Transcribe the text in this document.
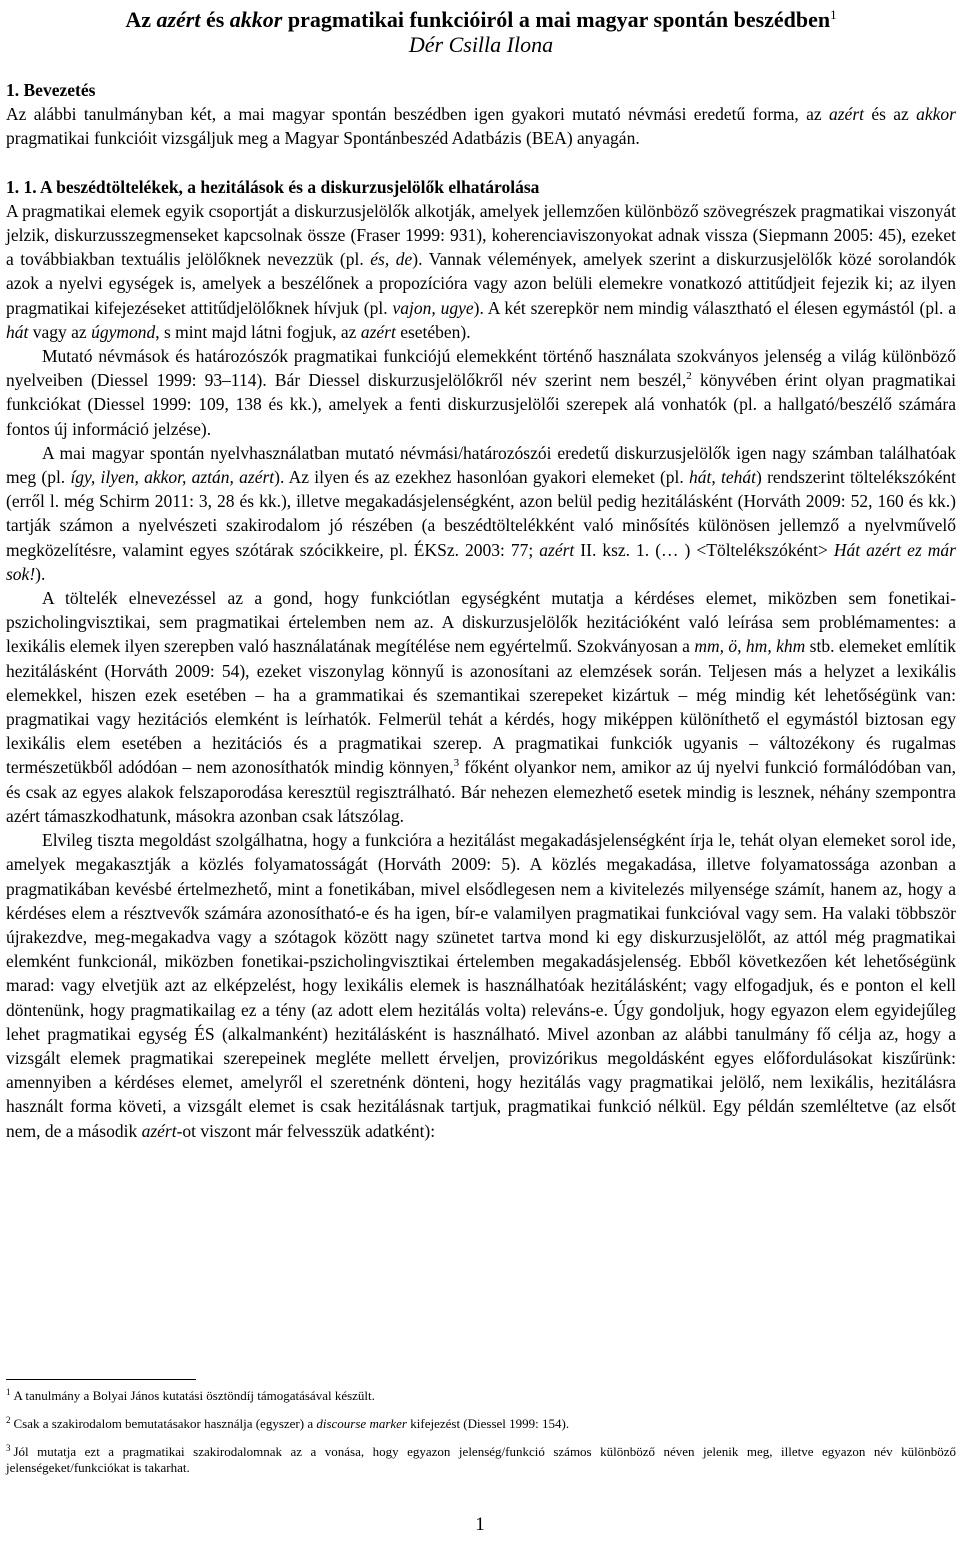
Az azért és akkor pragmatikai funkcióiról a mai magyar spontán beszédben$^1$
Dér Csilla Ilona
1. Bevezetés

Az alábbi tanulmányban két, a mai magyar spontán beszédben igen gyakori mutató névmási eredetű forma, az azért és az akkor pragmatikai funkcióit vizsgáljuk meg a Magyar Spontánbeszéd Adatbázis (BEA) anyagán.

1. 1. A beszédtöltelékek, a hezitálások és a diskurzusjelölők elhatárolása

A pragmatikai elemek egyik csoportját a diskurzusjelölők alkotják, amelyek jellemzően különböző szövegrészek pragmatikai viszonyát jelzik, diskurzusszegmenseket kapcsolnak össze (Fraser 1999: 931), koherenciaviszonyokat adnak vissza (Siepmann 2005: 45), ezeket a továbbiakban textuális jelölőknek nevezzük (pl. és, de). Vannak vélemények, amelyek szerint a diskurzusjelölők közé sorolandók azok a nyelvi egységek is, amelyek a beszélőnek a propozícióra vagy azon belüli elemekre vonatkozó attitűdjeit fejezik ki; az ilyen pragmatikai kifejezéseket attitűdjelölőknek hívjuk (pl. vajon, ugye). A két szerepkör nem mindig választható el élesen egymástól (pl. a hát vagy az úgymond, s mint majd látni fogjuk, az azért esetében).

Mutató névmások és határozószók pragmatikai funkciójú elemekként történő használata szokványos jelenség a világ különböző nyelveiben (Diessel 1999: 93–114). Bár Diessel diskurzusjelölőkről név szerint nem beszél,$^2$ könyvében érint olyan pragmatikai funkciókat (Diessel 1999: 109, 138 és kk.), amelyek a fenti diskurzusjelölői szerepek alá vonhatók (pl. a hallgató/beszélő számára fontos új információ jelzése).

A mai magyar spontán nyelvhasználatban mutató névmási/határozószói eredetű diskurzusjelölők igen nagy számban találhatóak meg (pl. így, ilyen, akkor, aztán, azért). Az ilyen és az ezekhez hasonlóan gyakori elemeket (pl. hát, tehát) rendszerint töltelékszóként (erről l. még Schirm 2011: 3, 28 és kk.), illetve megakadásjelenségként, azon belül pedig hezitálásként (Horváth 2009: 52, 160 és kk.) tartják számon a nyelvészeti szakirodalom jó részében (a beszédtöltelékként való minősítés különösen jellemző a nyelvművelő megközelítésre, valamint egyes szótárak szócikkeire, pl. ÉKSz. 2003: 77; azért II. ksz. 1. (… ) <Töltelékszóként> Hát azért ez már sok!).

A töltelék elnevezéssel az a gond, hogy funkciótlan egységként mutatja a kérdéses elemet, miközben sem fonetikai-pszicholingvisztikai, sem pragmatikai értelemben nem az. A diskurzusjelölők hezitációként való leírása sem problémamentes: a lexikális elemek ilyen szerepben való használatának megítélése nem egyértelmű. Szokványosan a mm, ö, hm, khm stb. elemeket említik hezitálásként (Horváth 2009: 54), ezeket viszonylag könnyű is azonosítani az elemzések során. Teljesen más a helyzet a lexikális elemekkel, hiszen ezek esetében – ha a grammatikai és szemantikai szerepeket kizártuk – még mindig két lehetőségünk van: pragmatikai vagy hezitációs elemként is leírhatók. Felmerül tehát a kérdés, hogy miképpen különíthető el egymástól biztosan egy lexikális elem esetében a hezitációs és a pragmatikai szerep. A pragmatikai funkciók ugyanis – változékony és rugalmas természetükből adódóan – nem azonosíthatók mindig könnyen,$^3$ főként olyankor nem, amikor az új nyelvi funkció formálódóban van, és csak az egyes alakok felszaporodása keresztül regisztrálható. Bár nehezen elemezhető esetek mindig is lesznek, néhány szempontra azért támaszkodhatunk, másokra azonban csak látszólag.

Elvileg tiszta megoldást szolgálhatna, hogy a funkcióra a hezitálást megakadásjelenségként írja le, tehát olyan elemeket sorol ide, amelyek megakasztják a közlés folyamatosságát (Horváth 2009: 5). A közlés megakadása, illetve folyamatossága azonban a pragmatikában kevésbé értelmezhető, mint a fonetikában, mivel elsődlegesen nem a kivitelezés milyensége számít, hanem az, hogy a kérdéses elem a résztvevők számára azonosítható-e és ha igen, bír-e valamilyen pragmatikai funkcióval vagy sem. Ha valaki többször újrakezdve, meg-megakadva vagy a szótagok között nagy szünetet tartva mond ki egy diskurzusjelölőt, az attól még pragmatikai elemként funkcionál, miközben fonetikai-pszicholingvisztikai értelemben megakadásjelenség. Ebből következően két lehetőségünk marad: vagy elvetjük azt az elképzelést, hogy lexikális elemek is használhatóak hezitálásként; vagy elfogadjuk, és e ponton el kell döntenünk, hogy pragmatikailag ez a tény (az adott elem hezitálás volta) releváns-e. Úgy gondoljuk, hogy egyazon elem egyidejűleg lehet pragmatikai egység ÉS (alkalmanként) hezitálásként is használható. Mivel azonban az alábbi tanulmány fő célja az, hogy a vizsgált elemek pragmatikai szerepeinek megléte mellett érveljen, provizórikus megoldásként egyes előfordulásokat kiszűrünk: amennyiben a kérdéses elemet, amelyről el szeretnénk dönteni, hogy hezitálás vagy pragmatikai jelölő, nem lexikális, hezitálásra használt forma követi, a vizsgált elemet is csak hezitálásnak tartjuk, pragmatikai funkció nélkül. Egy példán szemléltetve (az elsőt nem, de a második azért-ot viszont már felvesszük adatként):

$^1$ A tanulmány a Bolyai János kutatási ösztöndíj támogatásával készült.
$^2$ Csak a szakirodalom bemutatásakor használja (egyszer) a discourse marker kifejezést (Diessel 1999: 154).
$^3$ Jól mutatja ezt a pragmatikai szakirodalomnak az a vonása, hogy egyazon jelenség/funkció számos különböző néven jelenik meg, illetve egyazon név különböző jelenségeket/funkciókat is takarhat.
1
